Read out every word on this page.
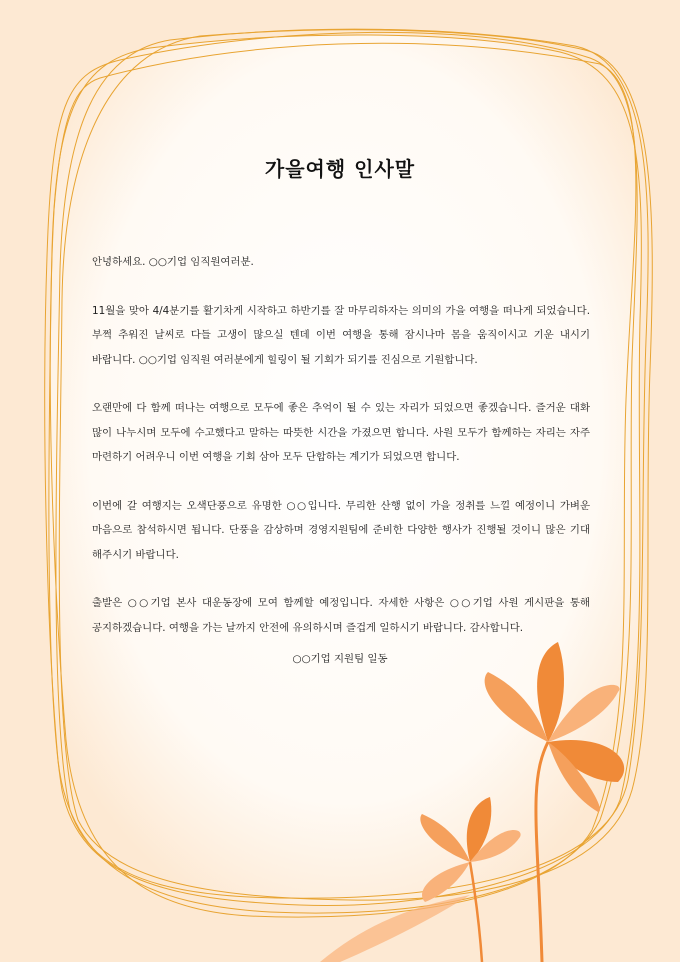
가을여행 인사말

안녕하세요. ○○기업 임직원여러분.

11월을 맞아 4/4분기를 활기차게 시작하고 하반기를 잘 마무리하자는 의미의 가을 여행을 떠나게 되었습니다. 부쩍 추워진 날씨로 다들 고생이 많으실 텐데 이번 여행을 통해 잠시나마 몸을 움직이시고 기운 내시기 바랍니다. ○○기업 임직원 여러분에게 힐링이 될 기회가 되기를 진심으로 기원합니다.

오랜만에 다 함께 떠나는 여행으로 모두에 좋은 추억이 될 수 있는 자리가 되었으면 좋겠습니다. 즐거운 대화 많이 나누시며 모두에 수고했다고 말하는 따뜻한 시간을 가졌으면 합니다. 사원 모두가 함께하는 자리는 자주 마련하기 어려우니 이번 여행을 기회 삼아 모두 단합하는 계기가 되었으면 합니다.

이번에 갈 여행지는 오색단풍으로 유명한 ○○입니다. 무리한 산행 없이 가을 정취를 느낄 예정이니 가벼운 마음으로 참석하시면 됩니다. 단풍을 감상하며 경영지원팀에 준비한 다양한 행사가 진행될 것이니 많은 기대 해주시기 바랍니다.

출발은 ○○기업 본사 대운동장에 모여 함께할 예정입니다. 자세한 사항은 ○○기업 사원 게시판을 통해 공지하겠습니다. 여행을 가는 날까지 안전에 유의하시며 즐겁게 일하시기 바랍니다. 감사합니다.

○○기업 지원팀 일동
